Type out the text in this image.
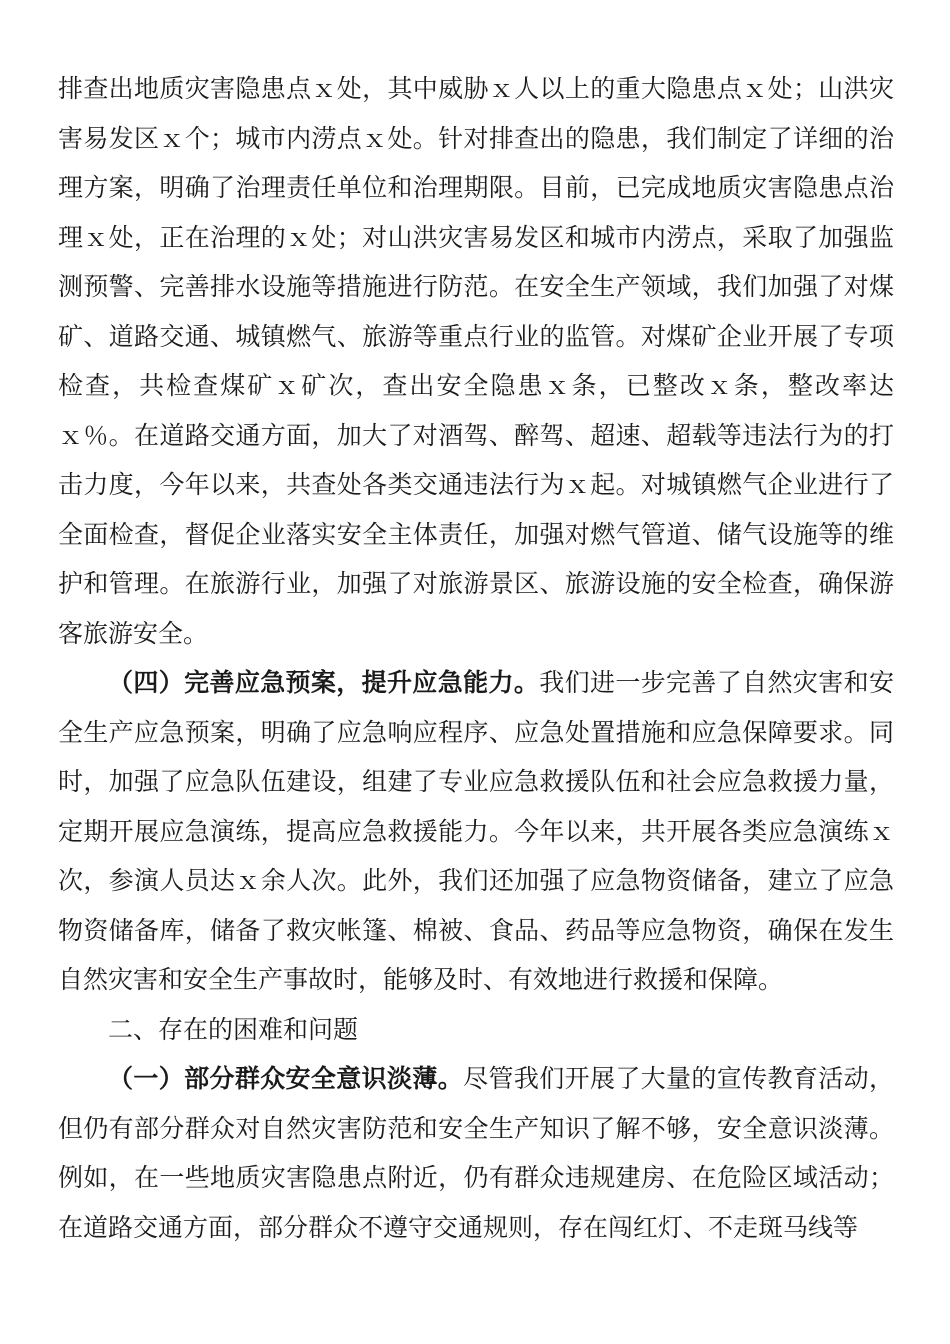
排查出地质灾害隐患点ｘ处，其中威胁ｘ人以上的重大隐患点ｘ处；山洪灾害易发区ｘ个；城市内涝点ｘ处。针对排查出的隐患，我们制定了详细的治理方案，明确了治理责任单位和治理期限。目前，已完成地质灾害隐患点治理ｘ处，正在治理的ｘ处；对山洪灾害易发区和城市内涝点，采取了加强监测预警、完善排水设施等措施进行防范。在安全生产领域，我们加强了对煤矿、道路交通、城镇燃气、旅游等重点行业的监管。对煤矿企业开展了专项检查，共检查煤矿ｘ矿次，查出安全隐患ｘ条，已整改ｘ条，整改率达ｘ％。在道路交通方面，加大了对酒驾、醉驾、超速、超载等违法行为的打击力度，今年以来，共查处各类交通违法行为ｘ起。对城镇燃气企业进行了全面检查，督促企业落实安全主体责任，加强对燃气管道、储气设施等的维护和管理。在旅游行业，加强了对旅游景区、旅游设施的安全检查，确保游客旅游安全。

（四）完善应急预案，提升应急能力。我们进一步完善了自然灾害和安全生产应急预案，明确了应急响应程序、应急处置措施和应急保障要求。同时，加强了应急队伍建设，组建了专业应急救援队伍和社会应急救援力量，定期开展应急演练，提高应急救援能力。今年以来，共开展各类应急演练ｘ次，参演人员达ｘ余人次。此外，我们还加强了应急物资储备，建立了应急物资储备库，储备了救灾帐篷、棉被、食品、药品等应急物资，确保在发生自然灾害和安全生产事故时，能够及时、有效地进行救援和保障。

二、存在的困难和问题

（一）部分群众安全意识淡薄。尽管我们开展了大量的宣传教育活动，但仍有部分群众对自然灾害防范和安全生产知识了解不够，安全意识淡薄。例如，在一些地质灾害隐患点附近，仍有群众违规建房、在危险区域活动；在道路交通方面，部分群众不遵守交通规则，存在闯红灯、不走斑马线等
